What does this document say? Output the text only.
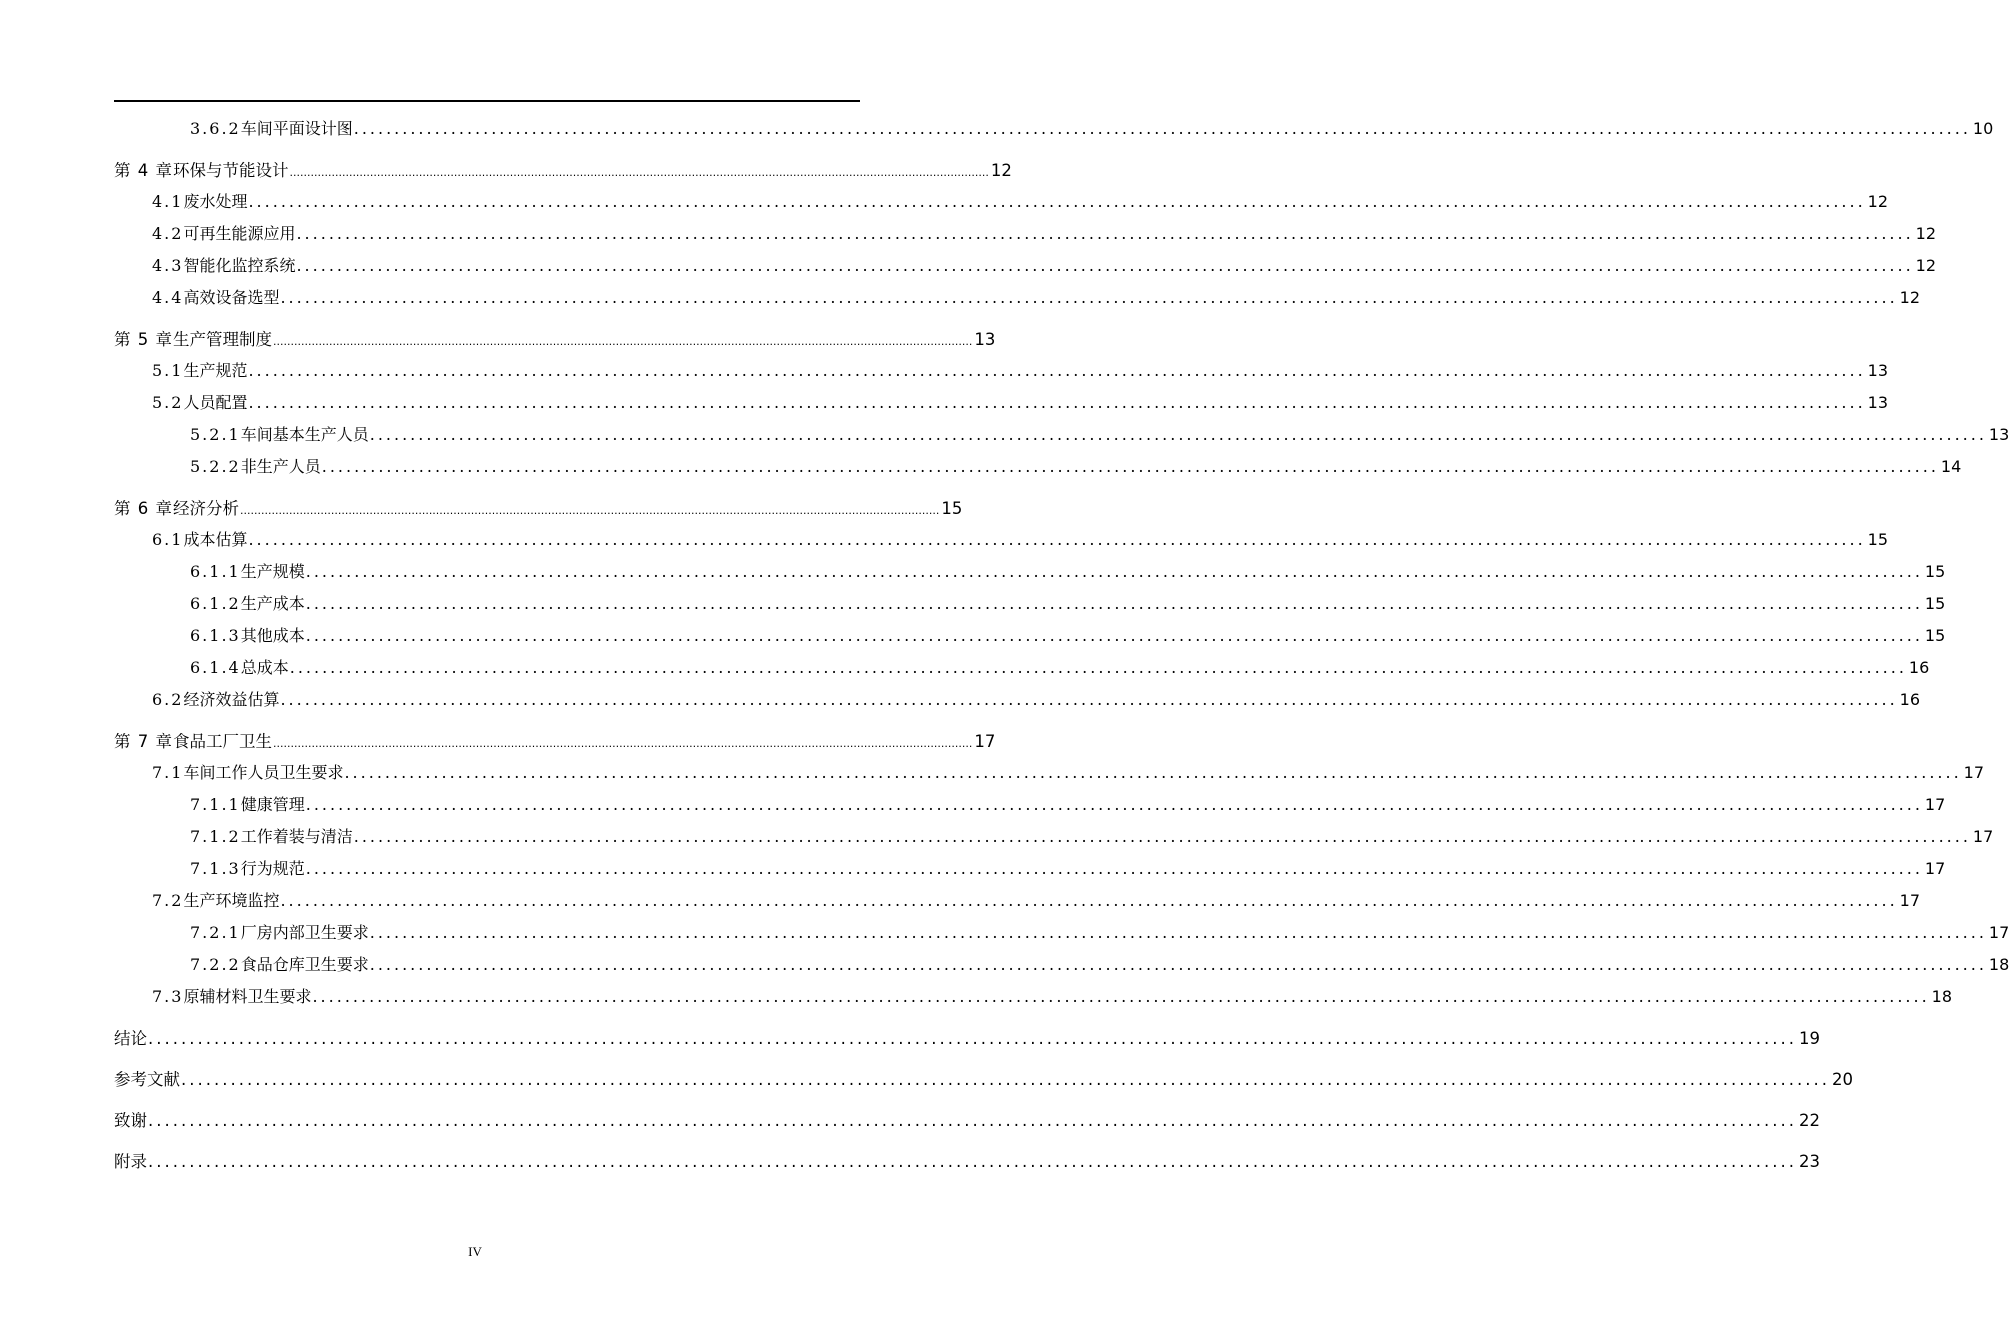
3.6.2 车间平面设计图 ........................................................................................................................................................................................................ 10
第 4 章 环保与节能设计 ........................................................................................................................................................................................................ 12
4.1 废水处理 ........................................................................................................................................................................................................ 12
4.2 可再生能源应用 ........................................................................................................................................................................................................ 12
4.3 智能化监控系统 ........................................................................................................................................................................................................ 12
4.4 高效设备选型 ........................................................................................................................................................................................................ 12
第 5 章 生产管理制度 ........................................................................................................................................................................................................ 13
5.1 生产规范 ........................................................................................................................................................................................................ 13
5.2 人员配置 ........................................................................................................................................................................................................ 13
5.2.1 车间基本生产人员 ........................................................................................................................................................................................................ 13
5.2.2 非生产人员 ........................................................................................................................................................................................................ 14
第 6 章 经济分析 ........................................................................................................................................................................................................ 15
6.1 成本估算 ........................................................................................................................................................................................................ 15
6.1.1 生产规模 ........................................................................................................................................................................................................ 15
6.1.2 生产成本 ........................................................................................................................................................................................................ 15
6.1.3 其他成本 ........................................................................................................................................................................................................ 15
6.1.4 总成本 ........................................................................................................................................................................................................ 16
6.2 经济效益估算 ........................................................................................................................................................................................................ 16
第 7 章 食品工厂卫生 ........................................................................................................................................................................................................ 17
7.1 车间工作人员卫生要求 ........................................................................................................................................................................................................ 17
7.1.1 健康管理 ........................................................................................................................................................................................................ 17
7.1.2 工作着装与清洁 ........................................................................................................................................................................................................ 17
7.1.3 行为规范 ........................................................................................................................................................................................................ 17
7.2 生产环境监控 ........................................................................................................................................................................................................ 17
7.2.1 厂房内部卫生要求 ........................................................................................................................................................................................................ 17
7.2.2 食品仓库卫生要求 ........................................................................................................................................................................................................ 18
7.3 原辅材料卫生要求 ........................................................................................................................................................................................................ 18
结论 ........................................................................................................................................................................................................ 19
参考文献 ........................................................................................................................................................................................................ 20
致谢 ........................................................................................................................................................................................................ 22
附录 ........................................................................................................................................................................................................ 23
IV
